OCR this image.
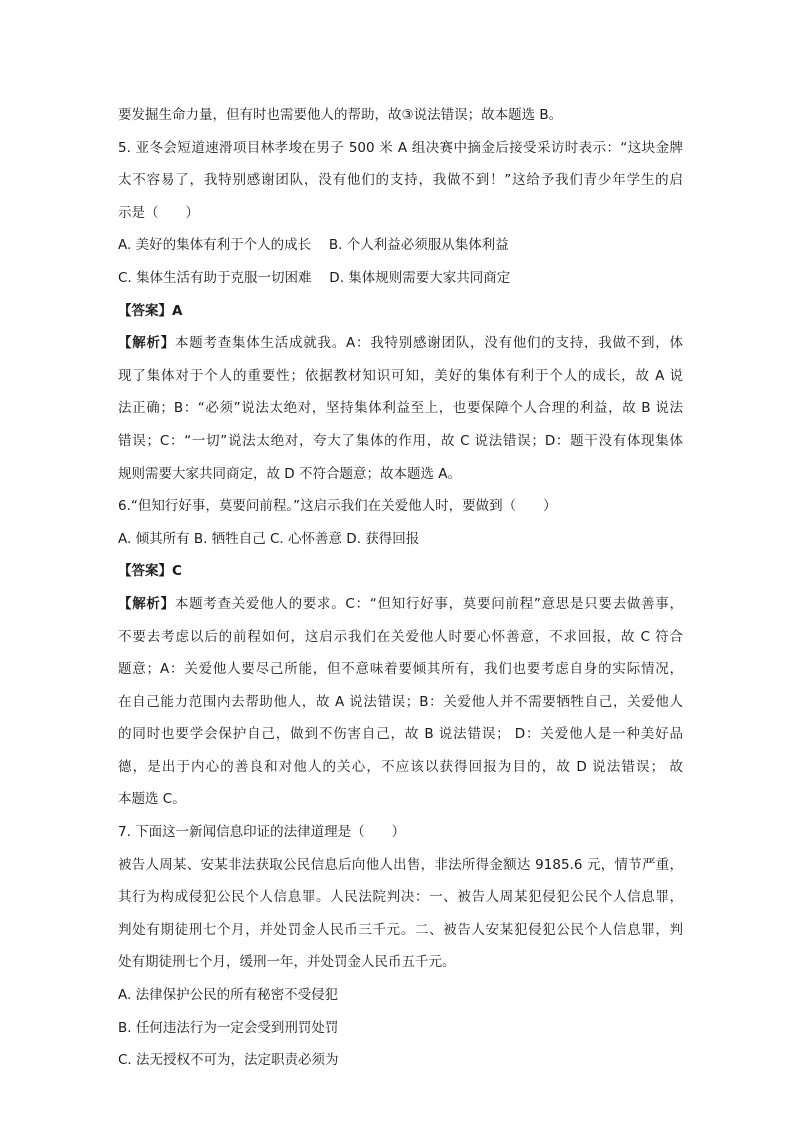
要发掘生命力量，但有时也需要他人的帮助，故③说法错误；故本题选 B。
5. 亚冬会短道速滑项目林孝埈在男子 500 米 A 组决赛中摘金后接受采访时表示：“这块金牌
太不容易了，我特别感谢团队，没有他们的支持，我做不到！”这给予我们青少年学生的启
示是（　　）
A. 美好的集体有利于个人的成长　 B. 个人利益必须服从集体利益
C. 集体生活有助于克服一切困难　 D. 集体规则需要大家共同商定
【答案】A
【解析】本题考查集体生活成就我。A：我特别感谢团队，没有他们的支持，我做不到，体
现了集体对于个人的重要性；依据教材知识可知，美好的集体有利于个人的成长，故 A 说
法正确；B：“必须”说法太绝对，坚持集体利益至上，也要保障个人合理的利益，故 B 说法
错误；C：“一切”说法太绝对，夸大了集体的作用，故 C 说法错误；D：题干没有体现集体
规则需要大家共同商定，故 D 不符合题意；故本题选 A。
6.“但知行好事，莫要问前程。”这启示我们在关爱他人时，要做到（　　）
A. 倾其所有 B. 牺牲自己 C. 心怀善意 D. 获得回报
【答案】C
【解析】本题考查关爱他人的要求。C：“但知行好事，莫要问前程”意思是只要去做善事，
不要去考虑以后的前程如何，这启示我们在关爱他人时要心怀善意，不求回报，故 C 符合
题意；A：关爱他人要尽己所能，但不意味着要倾其所有，我们也要考虑自身的实际情况，
在自己能力范围内去帮助他人，故 A 说法错误；B：关爱他人并不需要牺牲自己，关爱他人
的同时也要学会保护自己，做到不伤害自己，故 B 说法错误； D：关爱他人是一种美好品
德，是出于内心的善良和对他人的关心，不应该以获得回报为目的，故 D 说法错误； 故
本题选 C。
7. 下面这一新闻信息印证的法律道理是（　　）
被告人周某、安某非法获取公民信息后向他人出售，非法所得金额达 9185.6 元，情节严重，
其行为构成侵犯公民个人信息罪。人民法院判决：一、被告人周某犯侵犯公民个人信息罪，
判处有期徒刑七个月，并处罚金人民币三千元。二、被告人安某犯侵犯公民个人信息罪，判
处有期徒刑七个月，缓刑一年，并处罚金人民币五千元。
A. 法律保护公民的所有秘密不受侵犯
B. 任何违法行为一定会受到刑罚处罚
C. 法无授权不可为，法定职责必须为
